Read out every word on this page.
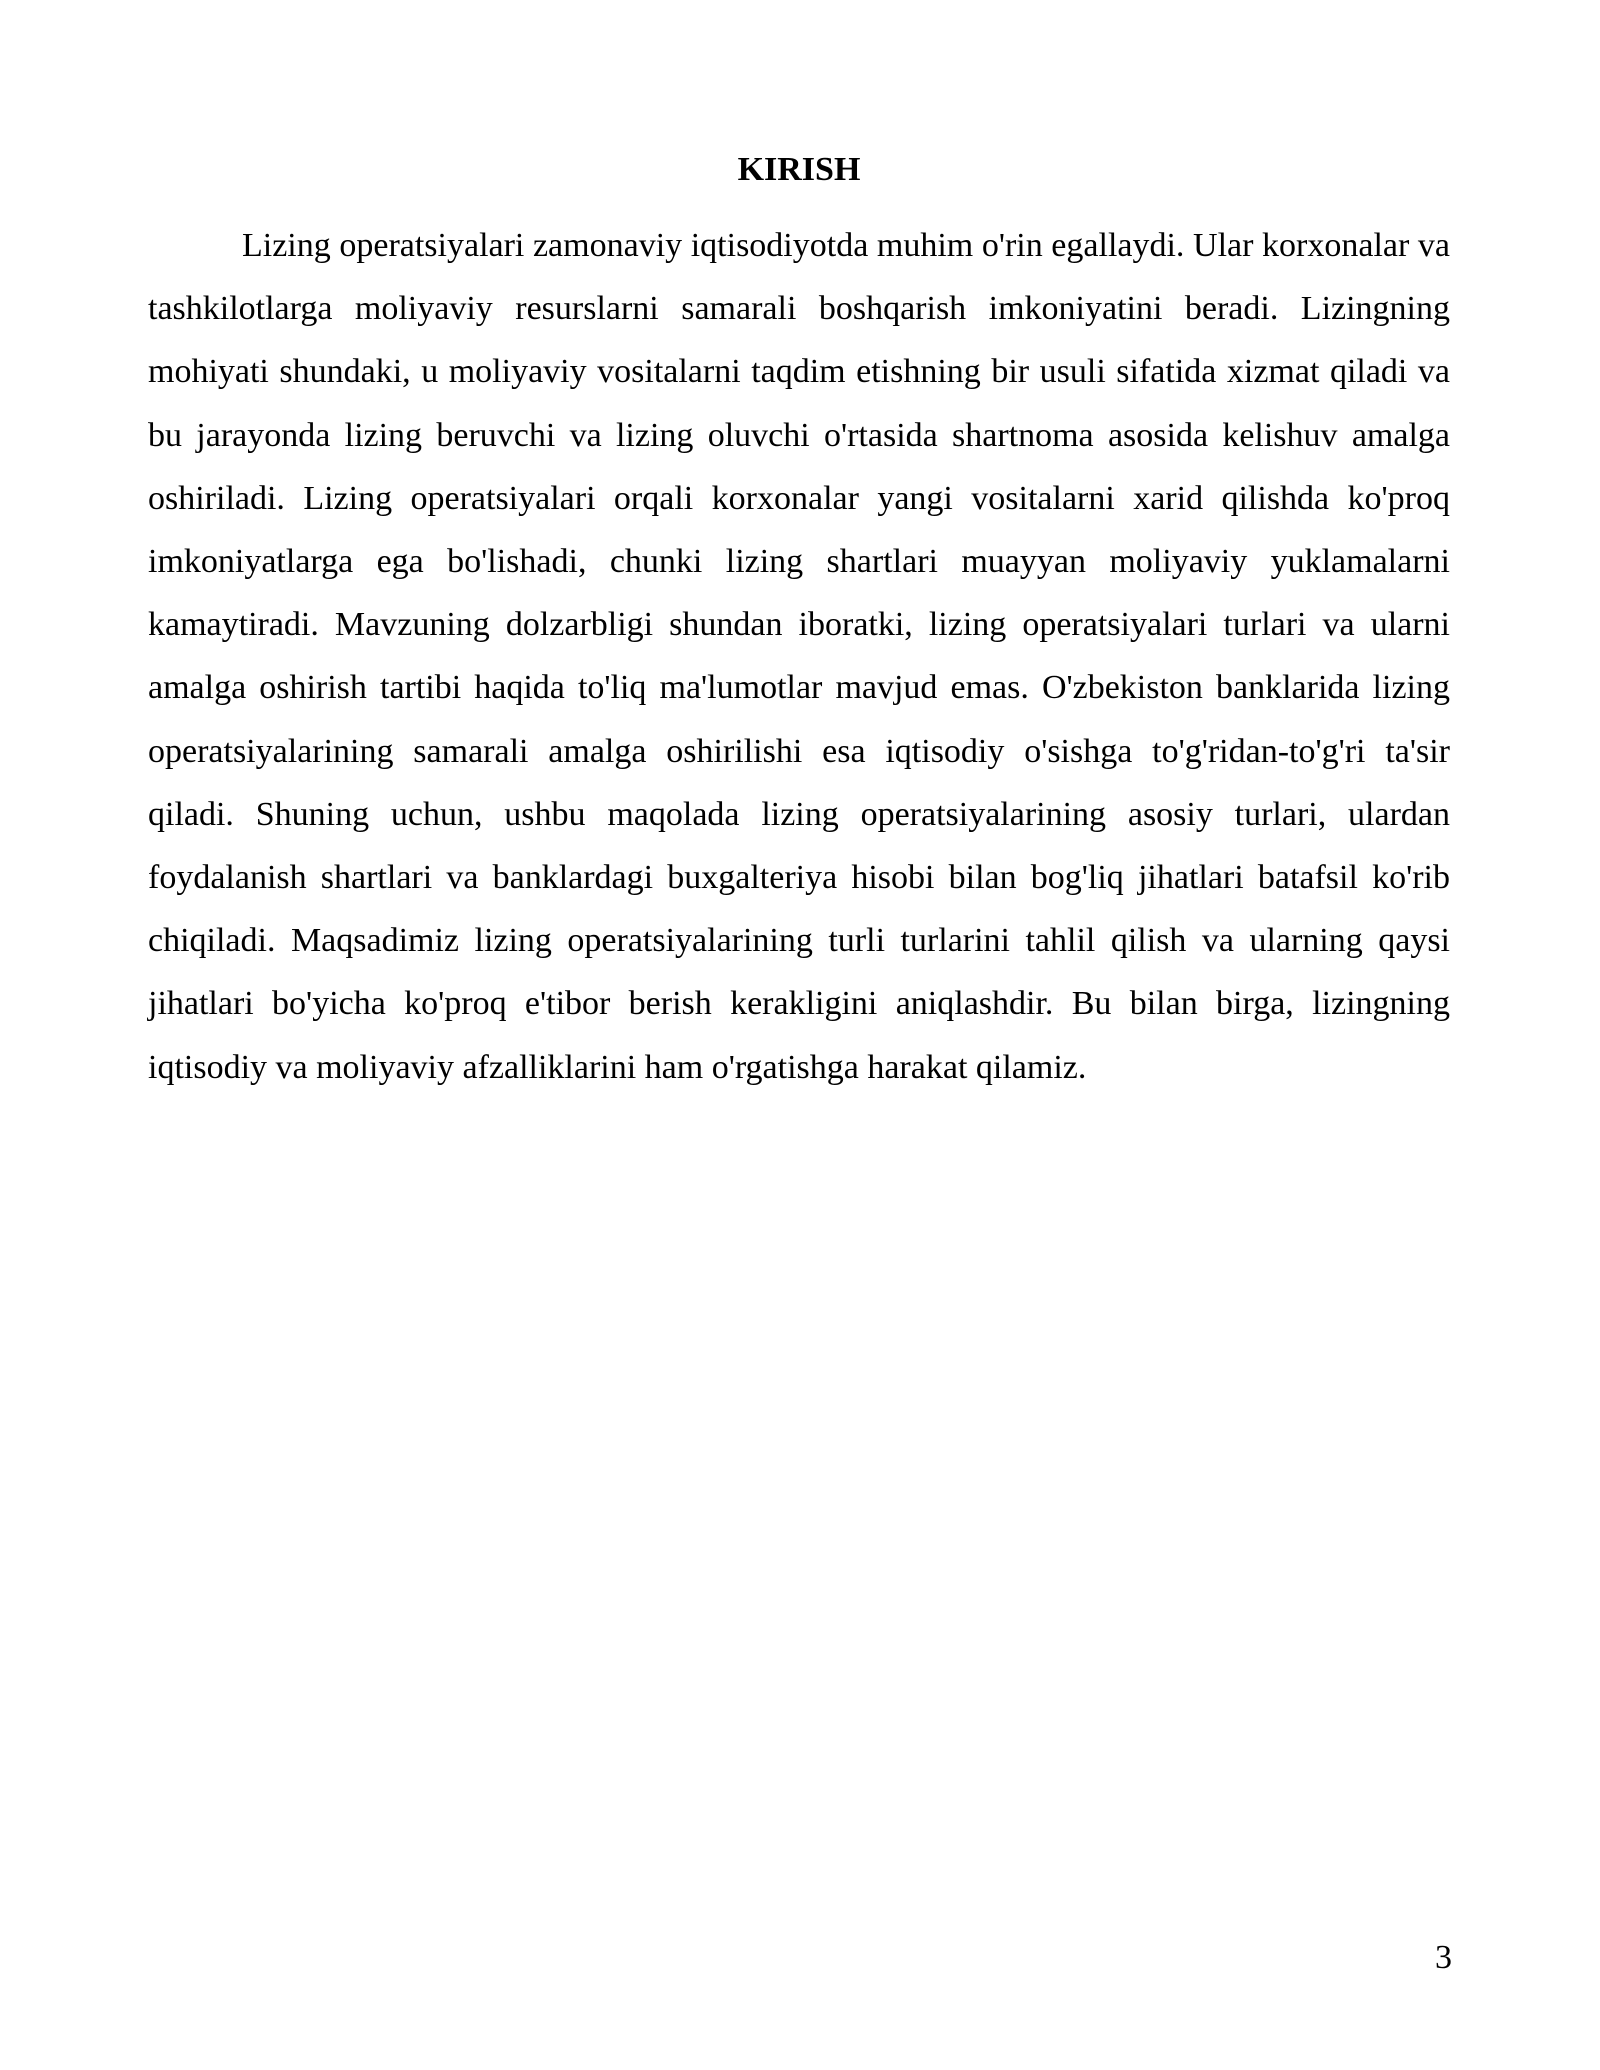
KIRISH

Lizing operatsiyalari zamonaviy iqtisodiyotda muhim o'rin egallaydi. Ular korxonalar va tashkilotlarga moliyaviy resurslarni samarali boshqarish imkoniyatini beradi. Lizingning mohiyati shundaki, u moliyaviy vositalarni taqdim etishning bir usuli sifatida xizmat qiladi va bu jarayonda lizing beruvchi va lizing oluvchi o'rtasida shartnoma asosida kelishuv amalga oshiriladi. Lizing operatsiyalari orqali korxonalar yangi vositalarni xarid qilishda ko'proq imkoniyatlarga ega bo'lishadi, chunki lizing shartlari muayyan moliyaviy yuklamalarni kamaytiradi. Mavzuning dolzarbligi shundan iboratki, lizing operatsiyalari turlari va ularni amalga oshirish tartibi haqida to'liq ma'lumotlar mavjud emas. O'zbekiston banklarida lizing operatsiyalarining samarali amalga oshirilishi esa iqtisodiy o'sishga to'g'ridan-to'g'ri ta'sir qiladi. Shuning uchun, ushbu maqolada lizing operatsiyalarining asosiy turlari, ulardan foydalanish shartlari va banklardagi buxgalteriya hisobi bilan bog'liq jihatlari batafsil ko'rib chiqiladi. Maqsadimiz lizing operatsiyalarining turli turlarini tahlil qilish va ularning qaysi jihatlari bo'yicha ko'proq e'tibor berish kerakligini aniqlashdir. Bu bilan birga, lizingning iqtisodiy va moliyaviy afzalliklarini ham o'rgatishga harakat qilamiz.

3
